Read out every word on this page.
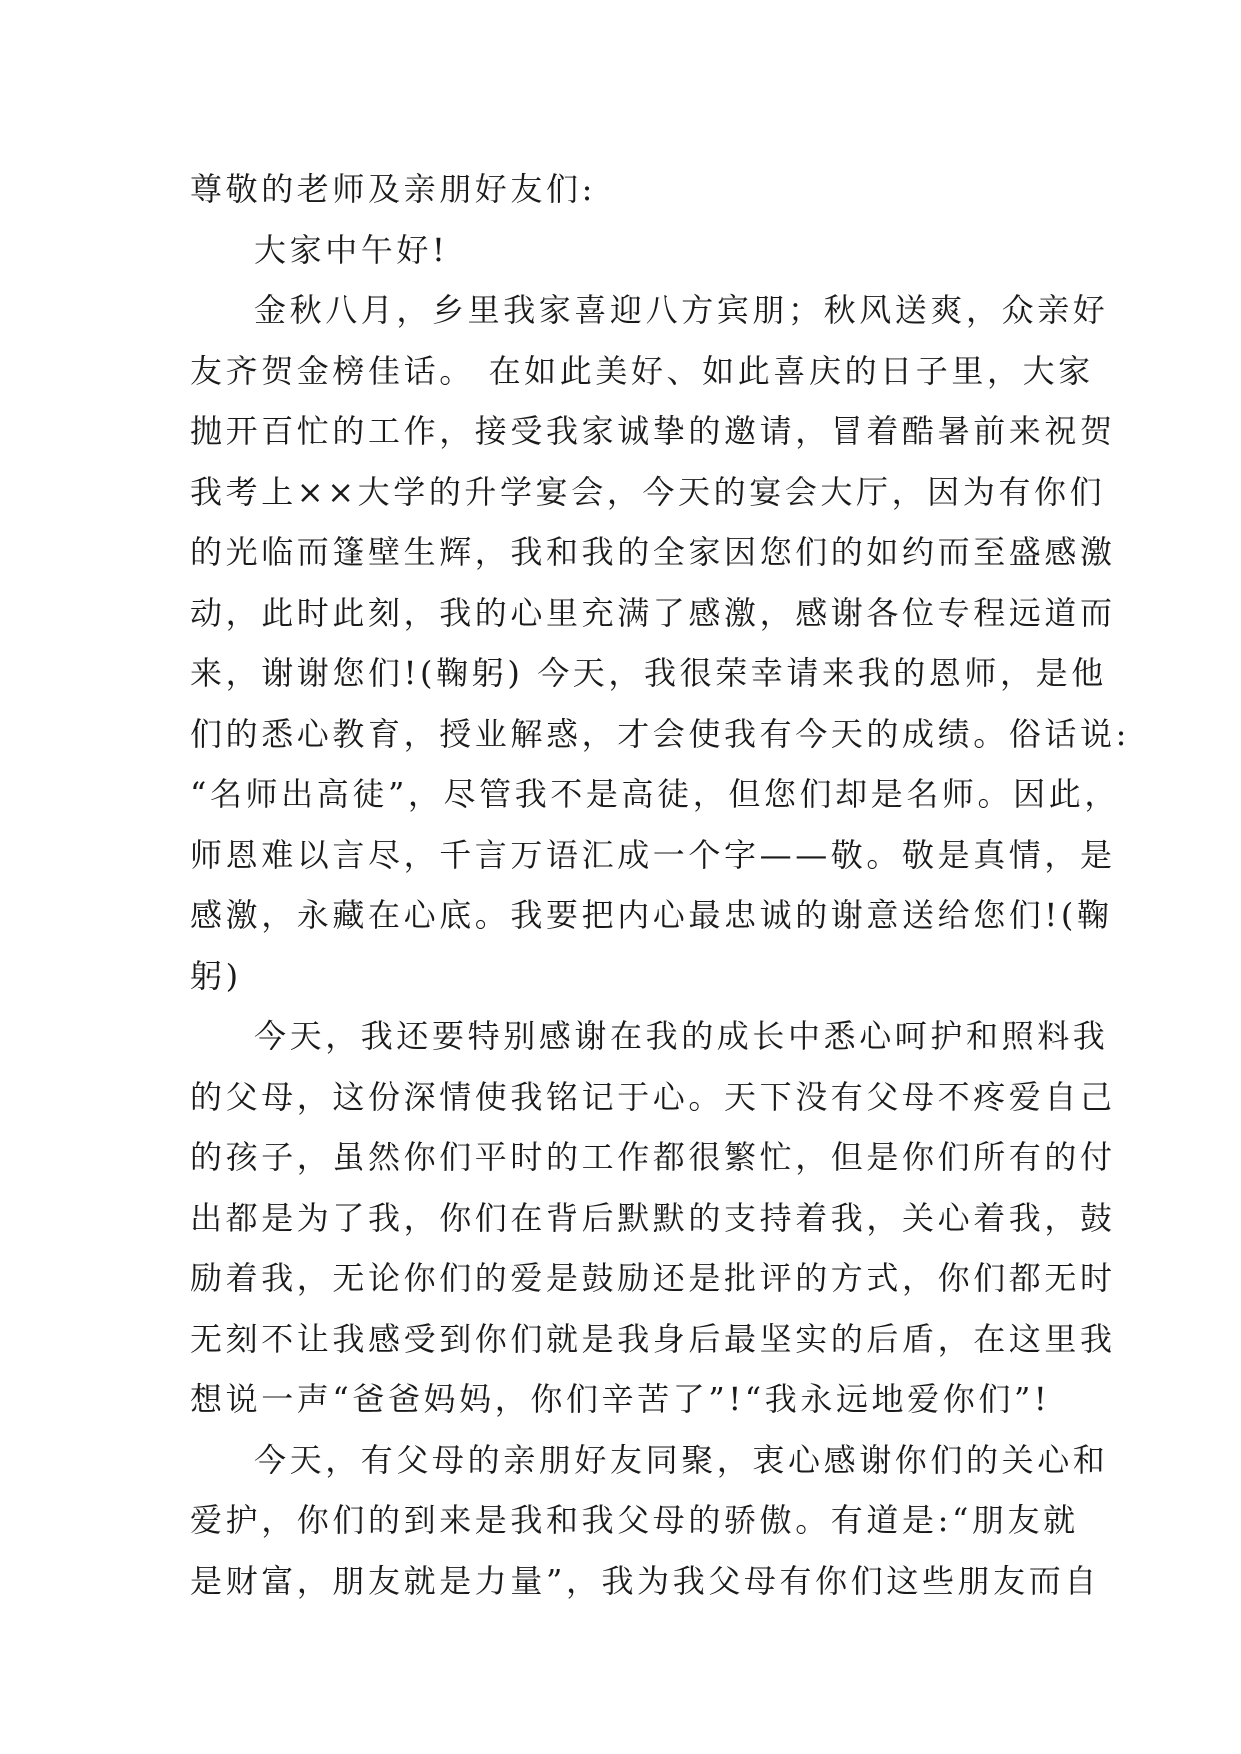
尊敬的老师及亲朋好友们:

大家中午好!

金秋八月，乡里我家喜迎八方宾朋；秋风送爽，众亲好
友齐贺金榜佳话。 在如此美好、如此喜庆的日子里，大家
抛开百忙的工作，接受我家诚挚的邀请，冒着酷暑前来祝贺
我考上××大学的升学宴会，今天的宴会大厅，因为有你们
的光临而篷壁生辉，我和我的全家因您们的如约而至盛感激
动，此时此刻，我的心里充满了感激，感谢各位专程远道而
来，谢谢您们!(鞠躬) 今天，我很荣幸请来我的恩师，是他
们的悉心教育，授业解惑，才会使我有今天的成绩。俗话说:
“名师出高徒”，尽管我不是高徒，但您们却是名师。因此，
师恩难以言尽，千言万语汇成一个字——敬。敬是真情，是
感激，永藏在心底。我要把内心最忠诚的谢意送给您们!(鞠
躬)

今天，我还要特别感谢在我的成长中悉心呵护和照料我
的父母，这份深情使我铭记于心。天下没有父母不疼爱自己
的孩子，虽然你们平时的工作都很繁忙，但是你们所有的付
出都是为了我，你们在背后默默的支持着我，关心着我，鼓
励着我，无论你们的爱是鼓励还是批评的方式，你们都无时
无刻不让我感受到你们就是我身后最坚实的后盾，在这里我
想说一声“爸爸妈妈，你们辛苦了”!“我永远地爱你们”!

今天，有父母的亲朋好友同聚，衷心感谢你们的关心和
爱护，你们的到来是我和我父母的骄傲。有道是:“朋友就
是财富，朋友就是力量”，我为我父母有你们这些朋友而自
